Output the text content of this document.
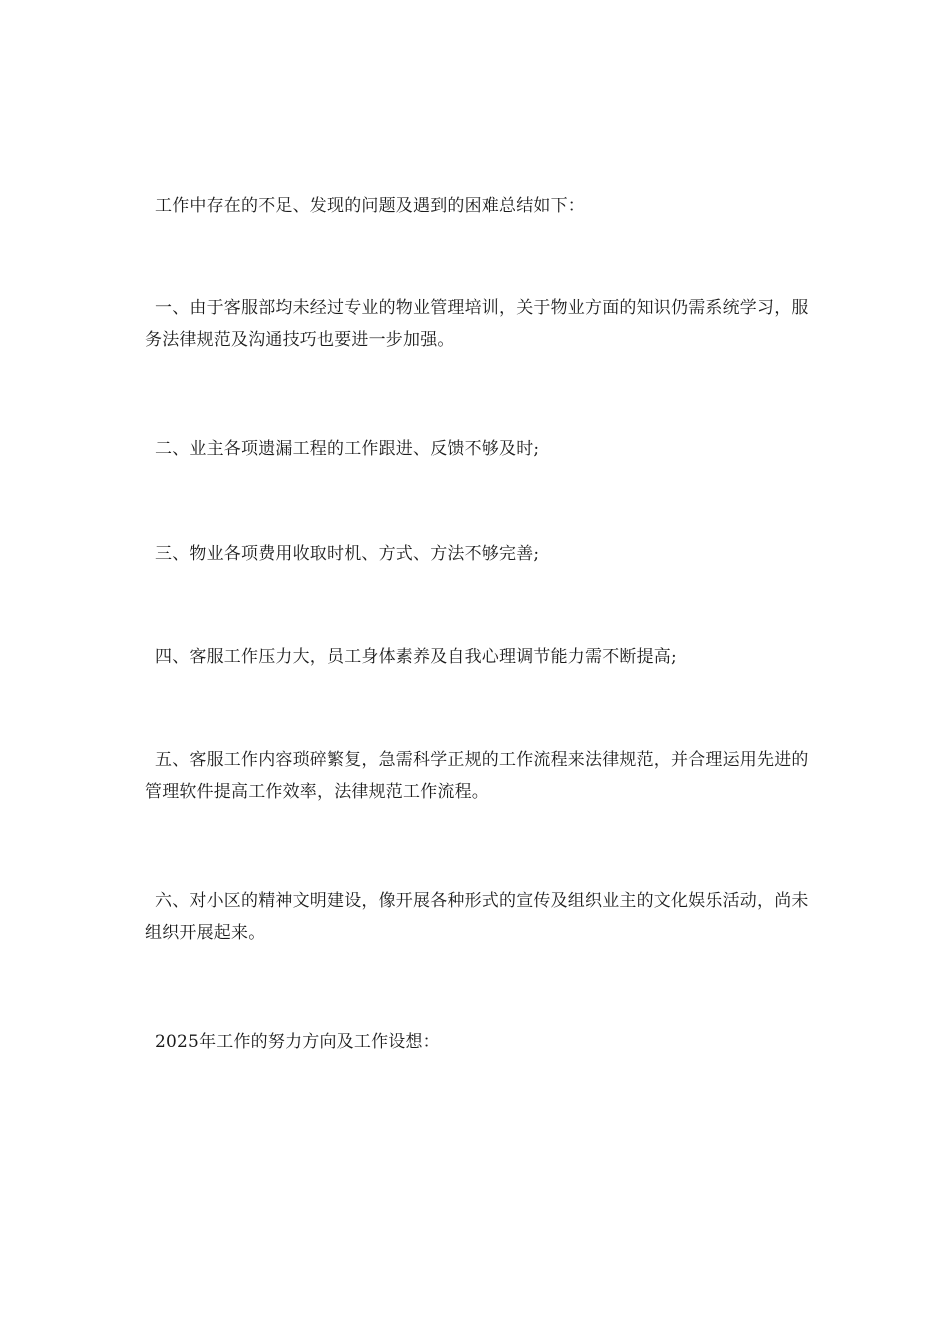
工作中存在的不足、发现的问题及遇到的困难总结如下：

一、由于客服部均未经过专业的物业管理培训，关于物业方面的知识仍需系统学习，服务法律规范及沟通技巧也要进一步加强。

二、业主各项遗漏工程的工作跟进、反馈不够及时;

三、物业各项费用收取时机、方式、方法不够完善;

四、客服工作压力大，员工身体素养及自我心理调节能力需不断提高;

五、客服工作内容琐碎繁复，急需科学正规的工作流程来法律规范，并合理运用先进的管理软件提高工作效率，法律规范工作流程。

六、对小区的精神文明建设，像开展各种形式的宣传及组织业主的文化娱乐活动，尚未组织开展起来。

2025年工作的努力方向及工作设想：
